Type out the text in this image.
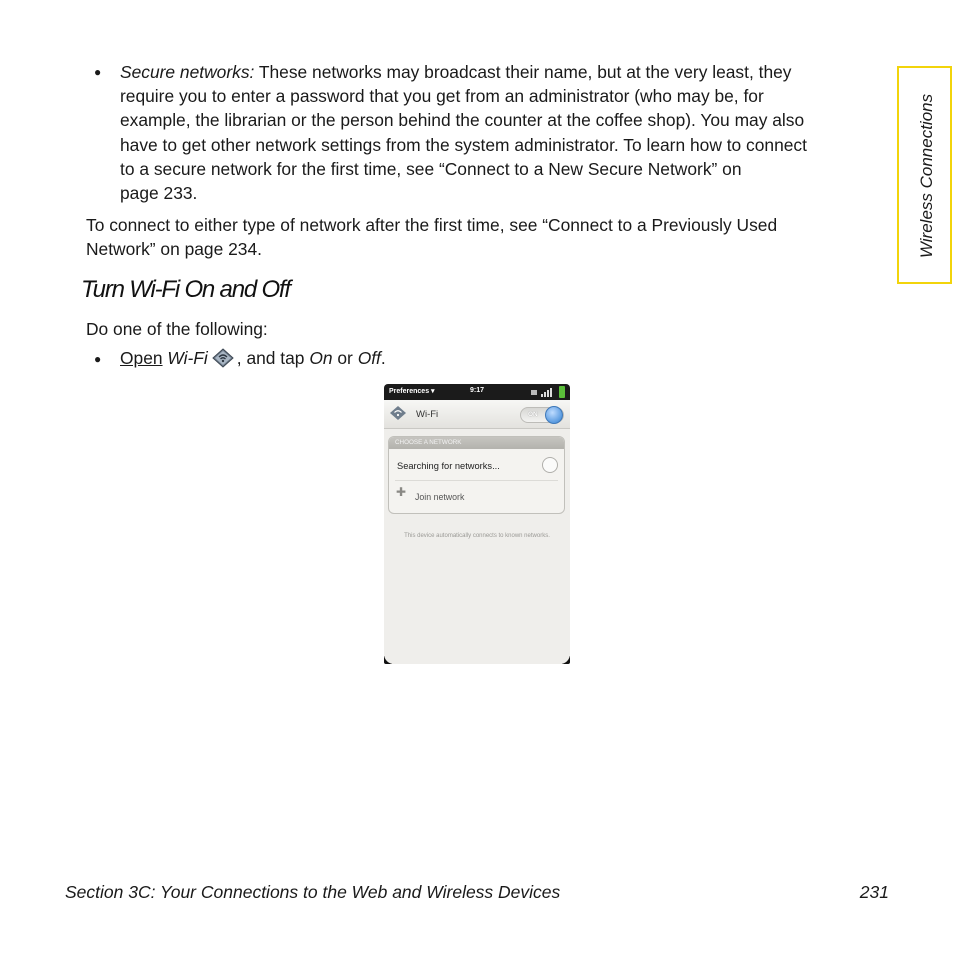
Wireless Connections
● Secure networks: These networks may broadcast their name, but at the very least, they
require you to enter a password that you get from an administrator (who may be, for
example, the librarian or the person behind the counter at the coffee shop). You may also
have to get other network settings from the system administrator. To learn how to connect
to a secure network for the first time, see “Connect to a New Secure Network” on
page 233.
To connect to either type of network after the first time, see “Connect to a Previously Used
Network” on page 234.
Turn Wi-Fi On and Off
Do one of the following:
● Open Wi-Fi , and tap On or Off.
Preferences ▾	9:17
Wi-Fi	ON
CHOOSE A NETWORK
Searching for networks...
✚ Join network
This device automatically connects to known networks.
Section 3C: Your Connections to the Web and Wireless Devices	231
